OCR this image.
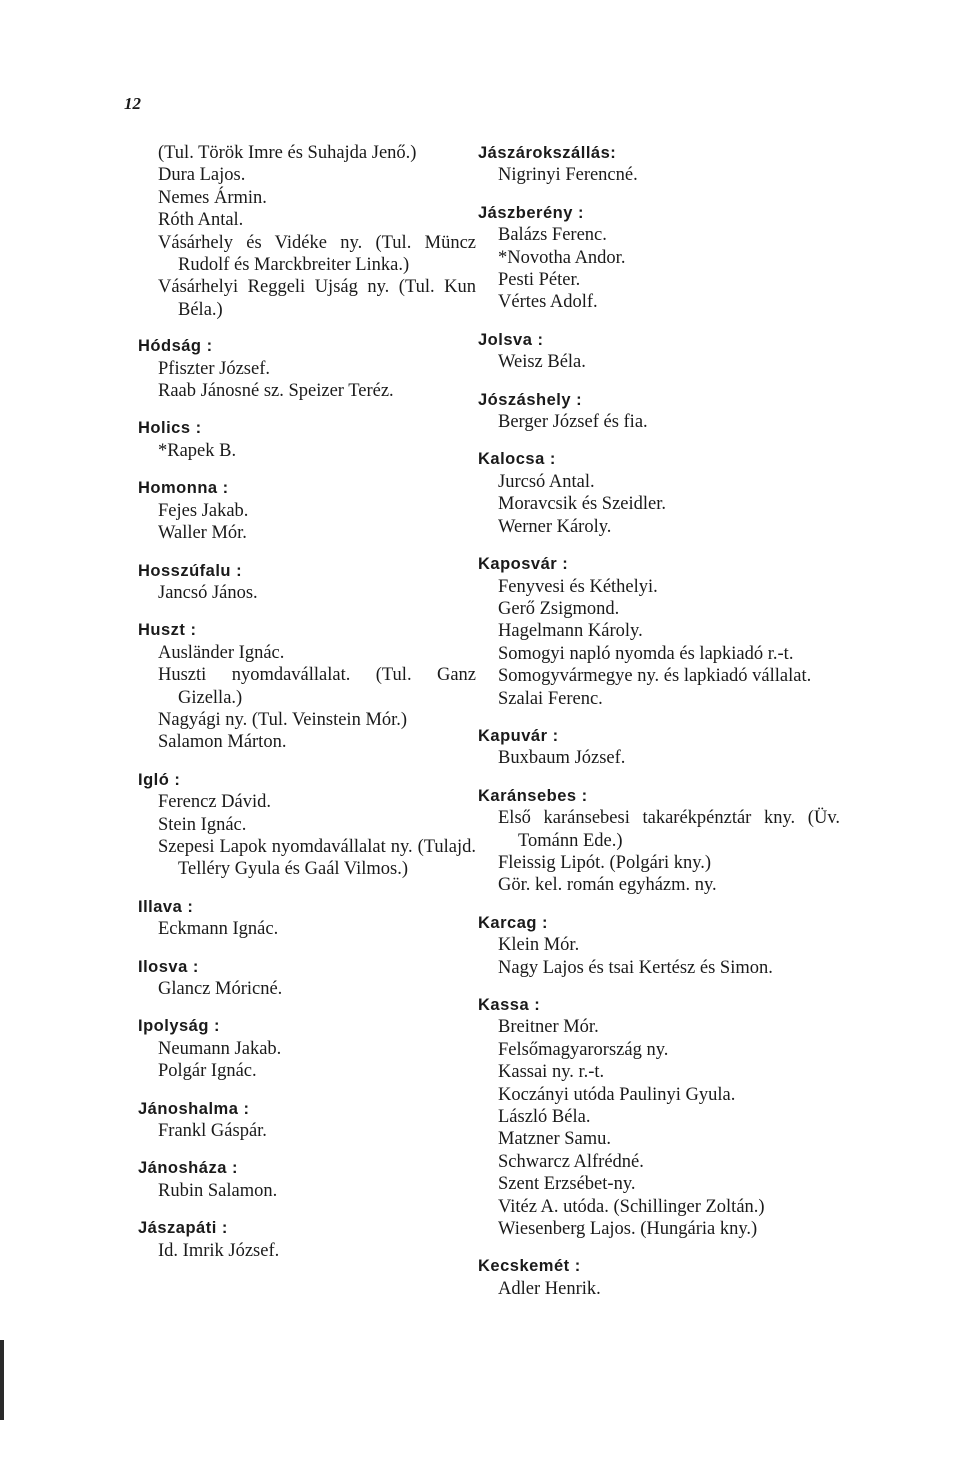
12
(Tul. Török Imre és Suhajda Jenő.)
Dura Lajos.
Nemes Ármin.
Róth Antal.
Vásárhely és Vidéke ny. (Tul. Müncz Rudolf és Marckbreiter Linka.)
Vásárhelyi Reggeli Ujság ny. (Tul. Kun Béla.)
Hódság :
Pfiszter József.
Raab Jánosné sz. Speizer Teréz.
Holics :
*Rapek B.
Homonna :
Fejes Jakab.
Waller Mór.
Hosszúfalu :
Jancsó János.
Huszt :
Ausländer Ignác.
Huszti nyomdavállalat. (Tul. Ganz Gizella.)
Nagyági ny. (Tul. Veinstein Mór.)
Salamon Márton.
Igló :
Ferencz Dávid.
Stein Ignác.
Szepesi Lapok nyomdavállalat ny. (Tulajd. Telléry Gyula és Gaál Vilmos.)
Illava :
Eckmann Ignác.
Ilosva :
Glancz Móricné.
Ipolyság :
Neumann Jakab.
Polgár Ignác.
Jánoshalma :
Frankl Gáspár.
Jánosháza :
Rubin Salamon.
Jászapáti :
Id. Imrik József.
Jászárokszállás:
Nigrinyi Ferencné.
Jászberény :
Balázs Ferenc.
*Novotha Andor.
Pesti Péter.
Vértes Adolf.
Jolsva :
Weisz Béla.
Jószáshely :
Berger József és fia.
Kalocsa :
Jurcsó Antal.
Moravcsik és Szeidler.
Werner Károly.
Kaposvár :
Fenyvesi és Kéthelyi.
Gerő Zsigmond.
Hagelmann Károly.
Somogyi napló nyomda és lapkiadó r.-t.
Somogyvármegye ny. és lapkiadó vállalat.
Szalai Ferenc.
Kapuvár :
Buxbaum József.
Karánsebes :
Első karánsebesi takarékpénztár kny. (Üv. Tománn Ede.)
Fleissig Lipót. (Polgári kny.)
Gör. kel. román egyházm. ny.
Karcag :
Klein Mór.
Nagy Lajos és tsai Kertész és Simon.
Kassa :
Breitner Mór.
Felsőmagyarország ny.
Kassai ny. r.-t.
Koczányi utóda Paulinyi Gyula.
László Béla.
Matzner Samu.
Schwarcz Alfrédné.
Szent Erzsébet-ny.
Vitéz A. utóda. (Schillinger Zoltán.)
Wiesenberg Lajos. (Hungária kny.)
Kecskemét :
Adler Henrik.
